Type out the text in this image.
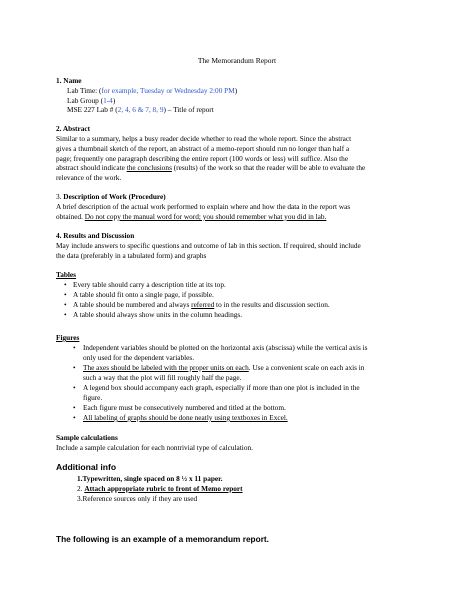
The Memorandum Report
1. Name
Lab Time: (for example, Tuesday or Wednesday 2:00 PM)
Lab Group (1-4)
MSE 227 Lab # (2, 4, 6 & 7, 8, 9) – Title of report
2. Abstract
Similar to a summary, helps a busy reader decide whether to read the whole report. Since the abstract
gives a thumbnail sketch of the report, an abstract of a memo-report should run no longer than half a
page; frequently one paragraph describing the entire report (100 words or less) will suffice. Also the
abstract should indicate the conclusions (results) of the work so that the reader will be able to evaluate the
relevance of the work.
3. Description of Work (Procedure)
A brief description of the actual work performed to explain where and how the data in the report was
obtained. Do not copy the manual word for word; you should remember what you did in lab.
4. Results and Discussion
May include answers to specific questions and outcome of lab in this section. If required, should include
the data (preferably in a tabulated form) and graphs
Tables
• Every table should carry a description title at its top.
• A table should fit onto a single page, if possible.
• A table should be numbered and always referred to in the results and discussion section.
• A table should always show units in the column headings.
Figures
• Independent variables should be plotted on the horizontal axis (abscissa) while the vertical axis is
only used for the dependent variables.
• The axes should be labeled with the proper units on each. Use a convenient scale on each axis in
such a way that the plot will fill roughly half the page.
• A legend box should accompany each graph, especially if more than one plot is included in the
figure.
• Each figure must be consecutively numbered and titled at the bottom.
• All labeling of graphs should be done neatly using textboxes in Excel.
Sample calculations
Include a sample calculation for each nontrivial type of calculation.
Additional info
1.Typewritten, single spaced on 8 ½ x 11 paper.
2. Attach appropriate rubric to front of Memo report
3.Reference sources only if they are used
The following is an example of a memorandum report.
